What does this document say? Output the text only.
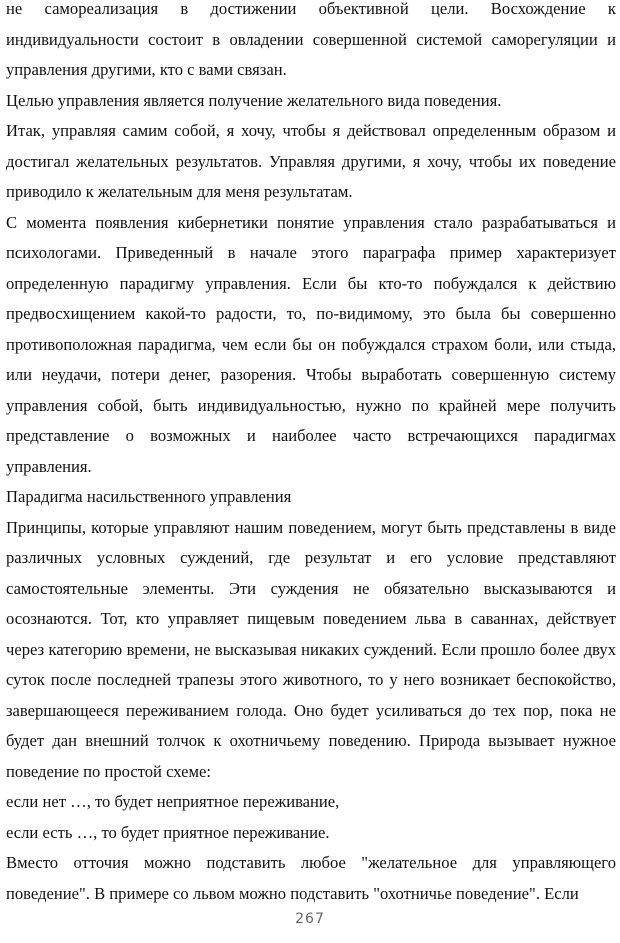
не самореализация в достижении объективной цели. Восхождение к индивидуальности состоит в овладении совершенной системой саморегуляции и управления другими, кто с вами связан.

Целью управления является получение желательного вида поведения.

Итак, управляя самим собой, я хочу, чтобы я действовал определенным образом и достигал желательных результатов. Управляя другими, я хочу, чтобы их поведение приводило к желательным для меня результатам.

С момента появления кибернетики понятие управления стало разрабатываться и психологами. Приведенный в начале этого параграфа пример характеризует определенную парадигму управления. Если бы кто-то побуждался к действию предвосхищением какой-то радости, то, по-видимому, это была бы совершенно противоположная парадигма, чем если бы он побуждался страхом боли, или стыда, или неудачи, потери денег, разорения. Чтобы выработать совершенную систему управления собой, быть индивидуальностью, нужно по крайней мере получить представление о возможных и наиболее часто встречающихся парадигмах управления.

Парадигма насильственного управления

Принципы, которые управляют нашим поведением, могут быть представлены в виде различных условных суждений, где результат и его условие представляют самостоятельные элементы. Эти суждения не обязательно высказываются и осознаются. Тот, кто управляет пищевым поведением льва в саваннах, действует через категорию времени, не высказывая никаких суждений. Если прошло более двух суток после последней трапезы этого животного, то у него возникает беспокойство, завершающееся переживанием голода. Оно будет усиливаться до тех пор, пока не будет дан внешний толчок к охотничьему поведению. Природа вызывает нужное поведение по простой схеме:

если нет …, то будет неприятное переживание,

если есть …, то будет приятное переживание.

Вместо отточия можно подставить любое "желательное для управляющего поведение". В примере со львом можно подставить "охотничье поведение". Если

267
